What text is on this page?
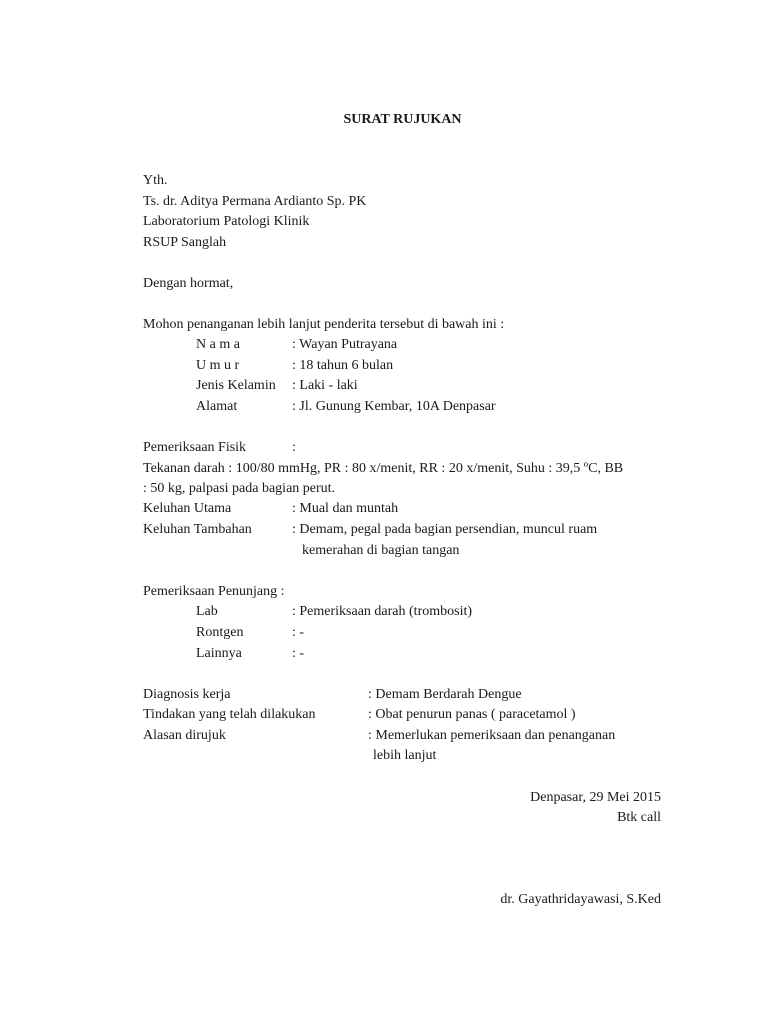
SURAT RUJUKAN
Yth.
Ts. dr. Aditya Permana Ardianto Sp. PK
Laboratorium Patologi Klinik
RSUP Sanglah
Dengan hormat,
Mohon penanganan lebih lanjut penderita tersebut di bawah ini :
N a m a	: Wayan Putrayana
U m u r	: 18 tahun 6 bulan
Jenis Kelamin : Laki - laki
Alamat	: Jl. Gunung Kembar, 10A Denpasar
Pemeriksaan Fisik	:
Tekanan darah : 100/80 mmHg, PR : 80 x/menit, RR : 20 x/menit, Suhu : 39,5 ºC, BB
: 50 kg, palpasi pada bagian perut.
Keluhan Utama	: Mual dan muntah
Keluhan Tambahan	: Demam, pegal pada bagian persendian, muncul ruam
kemerahan di bagian tangan
Pemeriksaan Penunjang :
Lab	: Pemeriksaan darah (trombosit)
Rontgen	: -
Lainnya	: -
Diagnosis kerja	: Demam Berdarah Dengue
Tindakan yang telah dilakukan	: Obat penurun panas ( paracetamol )
Alasan dirujuk	: Memerlukan pemeriksaan dan penanganan
lebih lanjut
Denpasar, 29 Mei 2015
Btk call
dr. Gayathridayawasi, S.Ked
